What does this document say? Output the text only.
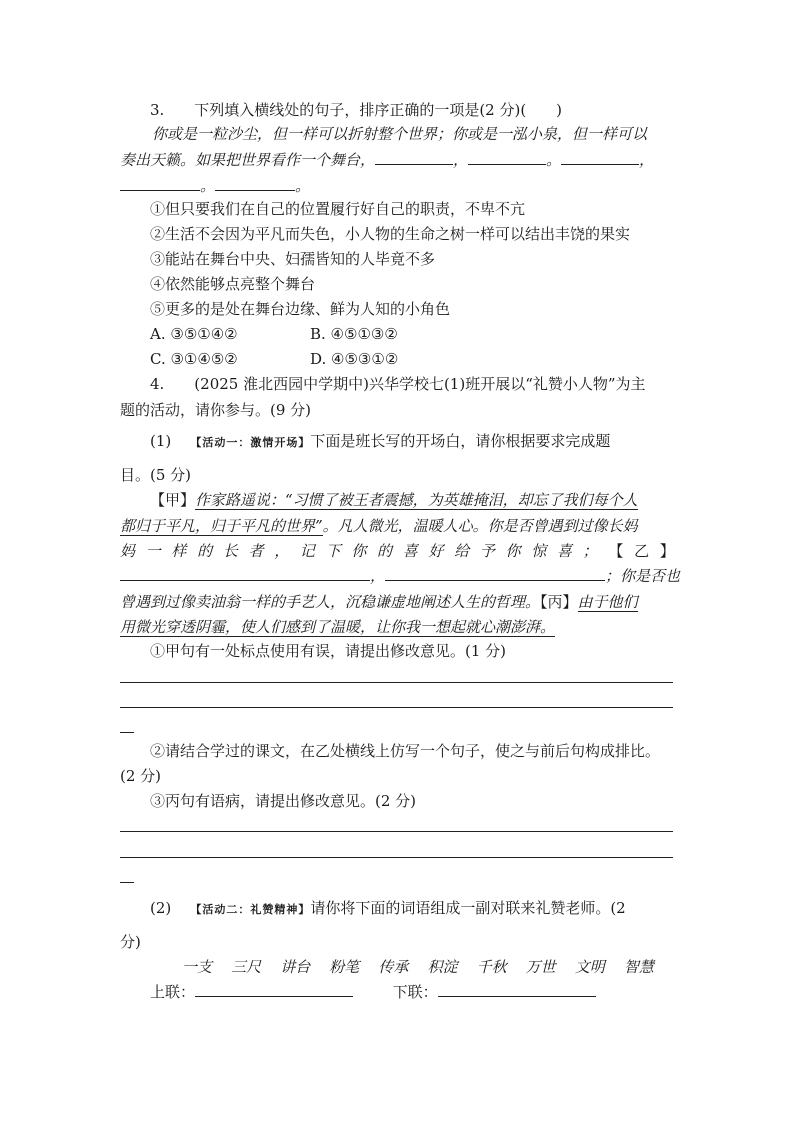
3.　　下列填入横线处的句子，排序正确的一项是(2 分)(　　)
你或是一粒沙尘，但一样可以折射整个世界；你或是一泓小泉，但一样可以
奏出天籁。如果把世界看作一个舞台，	，	。	，
。	。
①但只要我们在自己的位置履行好自己的职责，不卑不亢
②生活不会因为平凡而失色，小人物的生命之树一样可以结出丰饶的果实
③能站在舞台中央、妇孺皆知的人毕竟不多
④依然能够点亮整个舞台
⑤更多的是处在舞台边缘、鲜为人知的小角色
A. ③⑤①④②	B. ④⑤①③②
C. ③①④⑤②	D. ④⑤③①②
4.　　(2025 淮北西园中学期中)兴华学校七(1)班开展以“礼赞小人物”为主
题的活动，请你参与。(9 分)
(1) 【活动一：激情开场】下面是班长写的开场白，请你根据要求完成题
目。(5 分)
【甲】作家路遥说：“习惯了被王者震撼，为英雄掩泪，却忘了我们每个人
都归于平凡，归于平凡的世界”。凡人微光，温暖人心。你是否曾遇到过像长妈
妈 一 样 的 长 者 ， 记 下 你 的 喜 好 给 予 你 惊 喜 ； 【 乙 】
，	；你是否也
曾遇到过像卖油翁一样的手艺人，沉稳谦虚地阐述人生的哲理。【丙】由于他们
用微光穿透阴霾，使人们感到了温暖，让你我一想起就心潮澎湃。
①甲句有一处标点使用有误，请提出修改意见。(1 分)
②请结合学过的课文，在乙处横线上仿写一个句子，使之与前后句构成排比。
(2 分)
③丙句有语病，请提出修改意见。(2 分)
(2) 【活动二：礼赞精神】请你将下面的词语组成一副对联来礼赞老师。(2
分)
一支 三尺 讲台 粉笔 传承 积淀 千秋 万世 文明 智慧
上联：	下联：
